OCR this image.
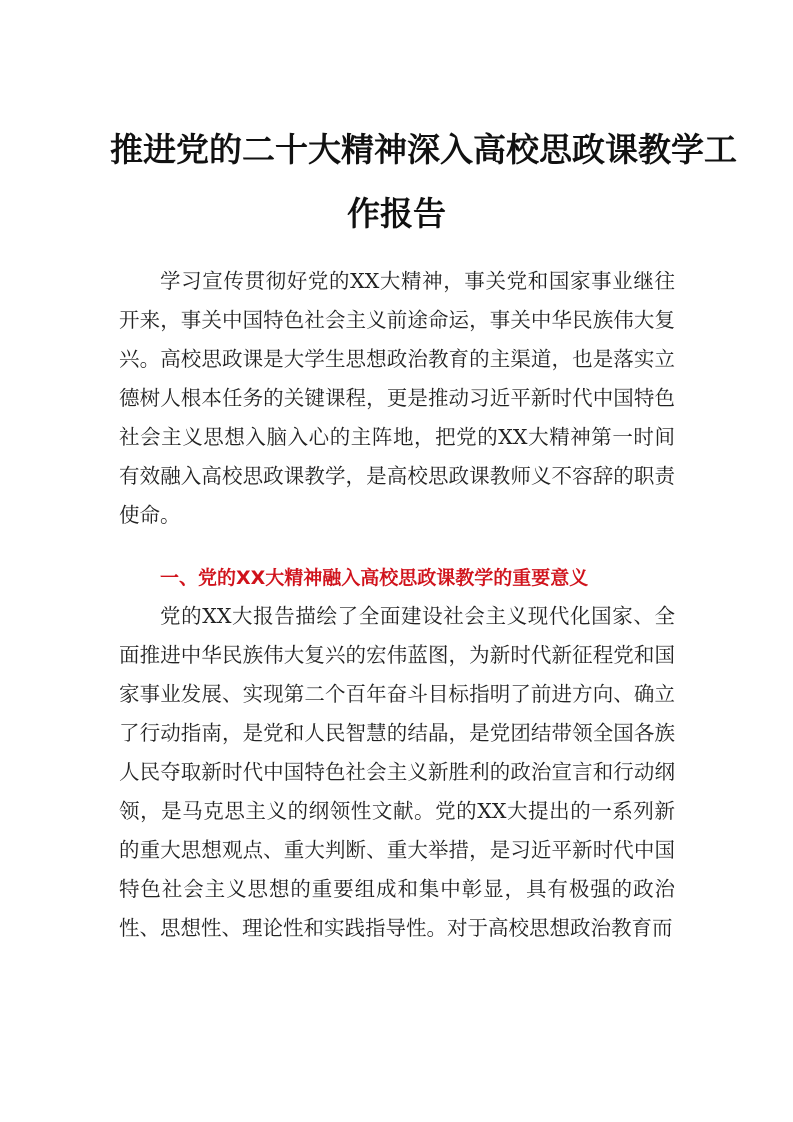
推进党的二十大精神深入高校思政课教学工
作报告

学习宣传贯彻好党的XX大精神，事关党和国家事业继往开来，事关中国特色社会主义前途命运，事关中华民族伟大复兴。高校思政课是大学生思想政治教育的主渠道，也是落实立德树人根本任务的关键课程，更是推动习近平新时代中国特色社会主义思想入脑入心的主阵地，把党的XX大精神第一时间有效融入高校思政课教学，是高校思政课教师义不容辞的职责使命。

一、党的XX大精神融入高校思政课教学的重要意义

党的XX大报告描绘了全面建设社会主义现代化国家、全面推进中华民族伟大复兴的宏伟蓝图，为新时代新征程党和国家事业发展、实现第二个百年奋斗目标指明了前进方向、确立了行动指南，是党和人民智慧的结晶，是党团结带领全国各族人民夺取新时代中国特色社会主义新胜利的政治宣言和行动纲领，是马克思主义的纲领性文献。党的XX大提出的一系列新的重大思想观点、重大判断、重大举措，是习近平新时代中国特色社会主义思想的重要组成和集中彰显，具有极强的政治性、思想性、理论性和实践指导性。对于高校思想政治教育而
